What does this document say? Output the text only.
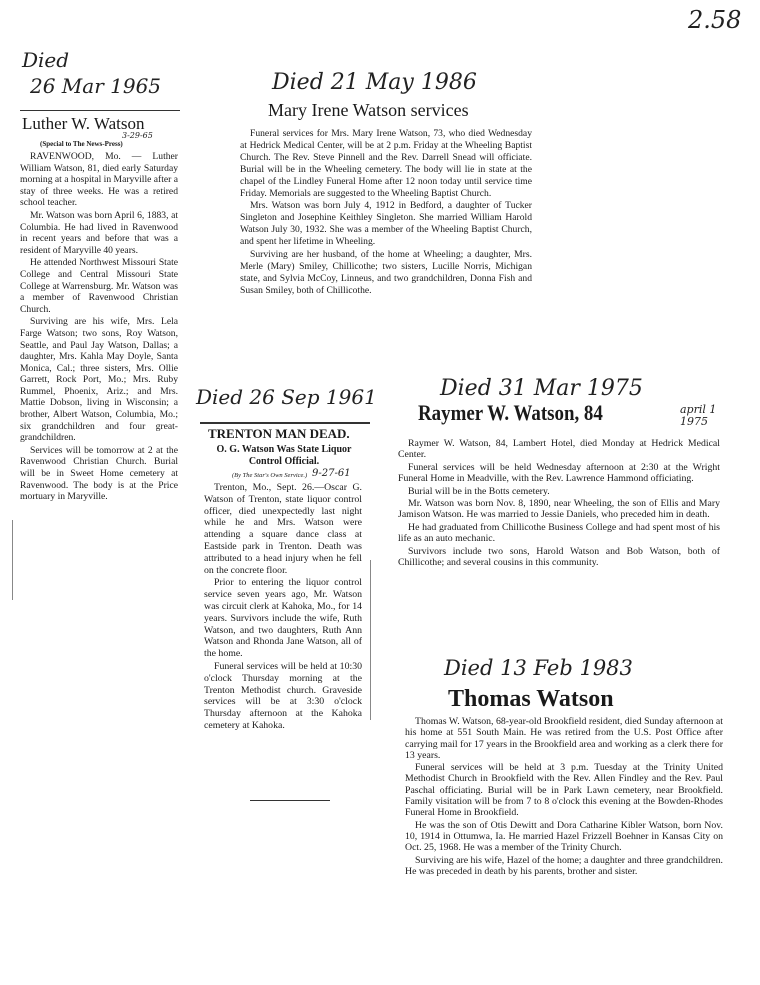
2.58
Died
26 Mar 1965
Luther W. Watson
3-29-65
(Special to The News-Press)

RAVENWOOD, Mo. — Luther William Watson, 81, died early Saturday morning at a hospital in Maryville after a stay of three weeks. He was a retired school teacher.

Mr. Watson was born April 6, 1883, at Columbia. He had lived in Ravenwood in recent years and before that was a resident of Maryville 40 years.

He attended Northwest Missouri State College and Central Missouri State College at Warrensburg. Mr. Watson was a member of Ravenwood Christian Church.

Surviving are his wife, Mrs. Lela Farge Watson; two sons, Roy Watson, Seattle, and Paul Jay Watson, Dallas; a daughter, Mrs. Kahla May Doyle, Santa Monica, Cal.; three sisters, Mrs. Ollie Garrett, Rock Port, Mo.; Mrs. Ruby Rummel, Phoenix, Ariz.; and Mrs. Mattie Dobson, living in Wisconsin; a brother, Albert Watson, Columbia, Mo.; six grandchildren and four great-grandchildren.

Services will be tomorrow at 2 at the Ravenwood Christian Church. Burial will be in Sweet Home cemetery at Ravenwood. The body is at the Price mortuary in Maryville.

Died 21 May 1986
Mary Irene Watson services

Funeral services for Mrs. Mary Irene Watson, 73, who died Wednesday at Hedrick Medical Center, will be at 2 p.m. Friday at the Wheeling Baptist Church. The Rev. Steve Pinnell and the Rev. Darrell Snead will officiate. Burial will be in the Wheeling cemetery. The body will lie in state at the chapel of the Lindley Funeral Home after 12 noon today until service time Friday. Memorials are suggested to the Wheeling Baptist Church.

Mrs. Watson was born July 4, 1912 in Bedford, a daughter of Tucker Singleton and Josephine Keithley Singleton. She married William Harold Watson July 30, 1932. She was a member of the Wheeling Baptist Church, and spent her lifetime in Wheeling.

Surviving are her husband, of the home at Wheeling; a daughter, Mrs. Merle (Mary) Smiley, Chillicothe; two sisters, Lucille Norris, Michigan state, and Sylvia McCoy, Linneus, and two grandchildren, Donna Fish and Susan Smiley, both of Chillicothe.

Died 26 Sep 1961
TRENTON MAN DEAD.
O. G. Watson Was State Liquor Control Official.
(By The Star's Own Service.) 9-27-61

Trenton, Mo., Sept. 26.—Oscar G. Watson of Trenton, state liquor control officer, died unexpectedly last night while he and Mrs. Watson were attending a square dance class at Eastside park in Trenton. Death was attributed to a head injury when he fell on the concrete floor.

Prior to entering the liquor control service seven years ago, Mr. Watson was circuit clerk at Kahoka, Mo., for 14 years. Survivors include the wife, Ruth Watson, and two daughters, Ruth Ann Watson and Rhonda Jane Watson, all of the home.

Funeral services will be held at 10:30 o'clock Thursday morning at the Trenton Methodist church. Graveside services will be at 3:30 o'clock Thursday afternoon at the Kahoka cemetery at Kahoka.

Died 31 Mar 1975
Raymer W. Watson, 84	april 1 1975

Raymer W. Watson, 84, Lambert Hotel, died Monday at Hedrick Medical Center.

Funeral services will be held Wednesday afternoon at 2:30 at the Wright Funeral Home in Meadville, with the Rev. Lawrence Hammond officiating.

Burial will be in the Botts cemetery.

Mr. Watson was born Nov. 8, 1890, near Wheeling, the son of Ellis and Mary Jamison Watson. He was married to Jessie Daniels, who preceded him in death.

He had graduated from Chillicothe Business College and had spent most of his life as an auto mechanic.

Survivors include two sons, Harold Watson and Bob Watson, both of Chillicothe; and several cousins in this community.

Died 13 Feb 1983
Thomas Watson

Thomas W. Watson, 68-year-old Brookfield resident, died Sunday afternoon at his home at 551 South Main. He was retired from the U.S. Post Office after carrying mail for 17 years in the Brookfield area and working as a clerk there for 13 years.

Funeral services will be held at 3 p.m. Tuesday at the Trinity United Methodist Church in Brookfield with the Rev. Allen Findley and the Rev. Paul Paschal officiating. Burial will be in Park Lawn cemetery, near Brookfield. Family visitation will be from 7 to 8 o'clock this evening at the Bowden-Rhodes Funeral Home in Brookfield.

He was the son of Otis Dewitt and Dora Catharine Kibler Watson, born Nov. 10, 1914 in Ottumwa, Ia. He married Hazel Frizzell Boehner in Kansas City on Oct. 25, 1968. He was a member of the Trinity Church.

Surviving are his wife, Hazel of the home; a daughter and three grandchildren. He was preceded in death by his parents, brother and sister.
